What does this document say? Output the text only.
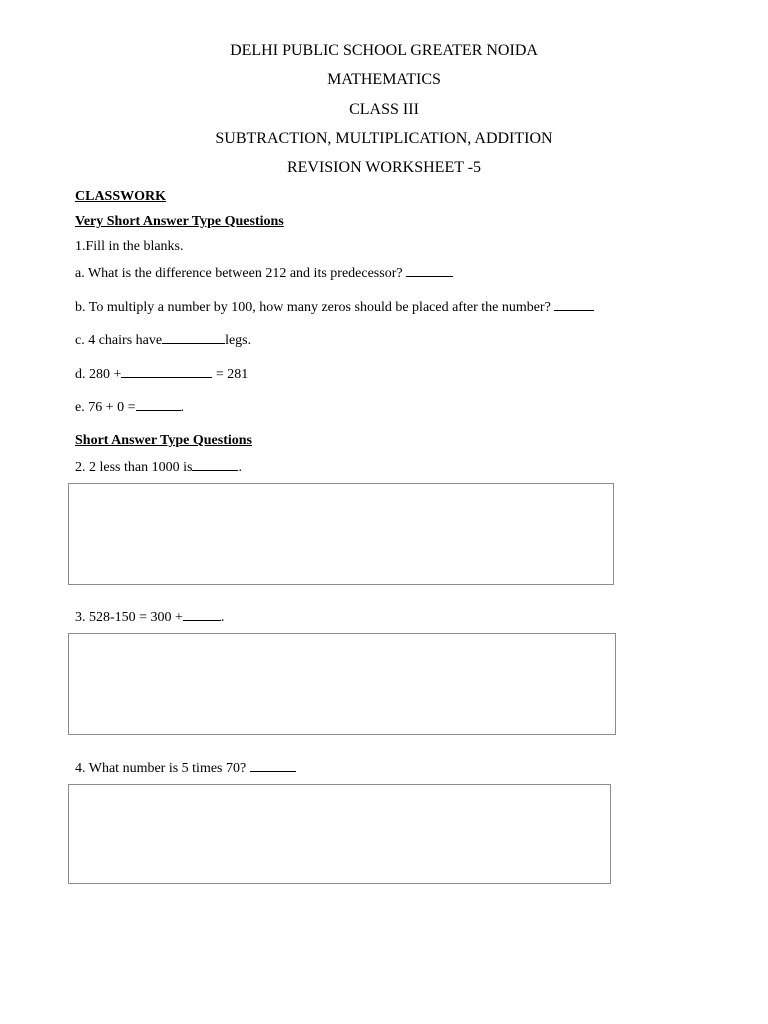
DELHI PUBLIC SCHOOL GREATER NOIDA
MATHEMATICS
CLASS III
SUBTRACTION, MULTIPLICATION, ADDITION
REVISION WORKSHEET -5
CLASSWORK
Very Short Answer Type Questions
1.Fill in the blanks.
a. What is the difference between 212 and its predecessor?
b. To multiply a number by 100, how many zeros should be placed after the number?
c. 4 chairs have	legs.
d. 280 +	= 281
e. 76 + 0 =	.
Short Answer Type Questions
2. 2 less than 1000 is	.
3. 528-150 = 300 +	.
4. What number is 5 times 70?
